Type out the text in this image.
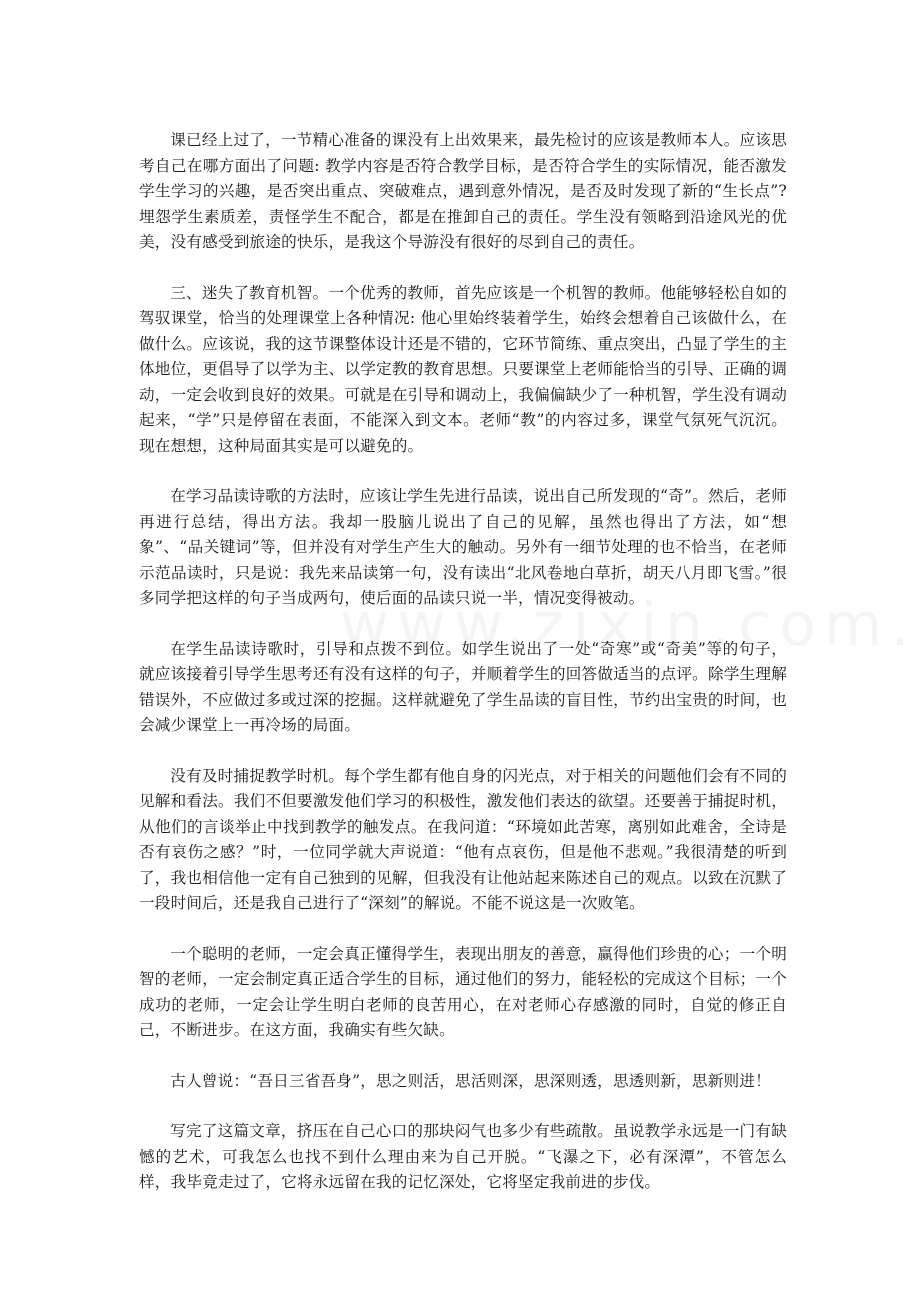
课已经上过了，一节精心准备的课没有上出效果来，最先检讨的应该是教师本人。应该思考自己在哪方面出了问题: 教学内容是否符合教学目标，是否符合学生的实际情况，能否激发学生学习的兴趣，是否突出重点、突破难点，遇到意外情况，是否及时发现了新的“生长点”?埋怨学生素质差，责怪学生不配合，都是在推卸自己的责任。学生没有领略到沿途风光的优美，没有感受到旅途的快乐，是我这个导游没有很好的尽到自己的责任。

三、迷失了教育机智。一个优秀的教师，首先应该是一个机智的教师。他能够轻松自如的驾驭课堂，恰当的处理课堂上各种情况: 他心里始终装着学生，始终会想着自己该做什么，在做什么。应该说，我的这节课整体设计还是不错的，它环节简练、重点突出，凸显了学生的主体地位，更倡导了以学为主、以学定教的教育思想。只要课堂上老师能恰当的引导、正确的调动，一定会收到良好的效果。可就是在引导和调动上，我偏偏缺少了一种机智，学生没有调动起来，“学”只是停留在表面，不能深入到文本。老师“教”的内容过多，课堂气氛死气沉沉。现在想想，这种局面其实是可以避免的。

在学习品读诗歌的方法时，应该让学生先进行品读，说出自己所发现的“奇”。然后，老师再进行总结，得出方法。我却一股脑儿说出了自己的见解，虽然也得出了方法，如“想象”、“品关键词”等，但并没有对学生产生大的触动。另外有一细节处理的也不恰当，在老师示范品读时，只是说：我先来品读第一句，没有读出“北风卷地白草折，胡天八月即飞雪。”很多同学把这样的句子当成两句，使后面的品读只说一半，情况变得被动。

在学生品读诗歌时，引导和点拨不到位。如学生说出了一处“奇寒”或“奇美”等的句子，就应该接着引导学生思考还有没有这样的句子，并顺着学生的回答做适当的点评。除学生理解错误外，不应做过多或过深的挖掘。这样就避免了学生品读的盲目性，节约出宝贵的时间，也会减少课堂上一再冷场的局面。

没有及时捕捉教学时机。每个学生都有他自身的闪光点，对于相关的问题他们会有不同的见解和看法。我们不但要激发他们学习的积极性，激发他们表达的欲望。还要善于捕捉时机，从他们的言谈举止中找到教学的触发点。在我问道：“环境如此苦寒，离别如此难舍，全诗是否有哀伤之感？”时，一位同学就大声说道：“他有点哀伤，但是他不悲观。”我很清楚的听到了，我也相信他一定有自己独到的见解，但我没有让他站起来陈述自己的观点。以致在沉默了一段时间后，还是我自己进行了“深刻”的解说。不能不说这是一次败笔。

一个聪明的老师，一定会真正懂得学生，表现出朋友的善意，赢得他们珍贵的心；一个明智的老师，一定会制定真正适合学生的目标，通过他们的努力，能轻松的完成这个目标；一个成功的老师，一定会让学生明白老师的良苦用心，在对老师心存感激的同时，自觉的修正自己，不断进步。在这方面，我确实有些欠缺。

古人曾说：“吾日三省吾身”，思之则活，思活则深，思深则透，思透则新，思新则进！

写完了这篇文章，挤压在自己心口的那块闷气也多少有些疏散。虽说教学永远是一门有缺憾的艺术，可我怎么也找不到什么理由来为自己开脱。“飞瀑之下，必有深潭”，不管怎么样，我毕竟走过了，它将永远留在我的记忆深处，它将坚定我前进的步伐。
